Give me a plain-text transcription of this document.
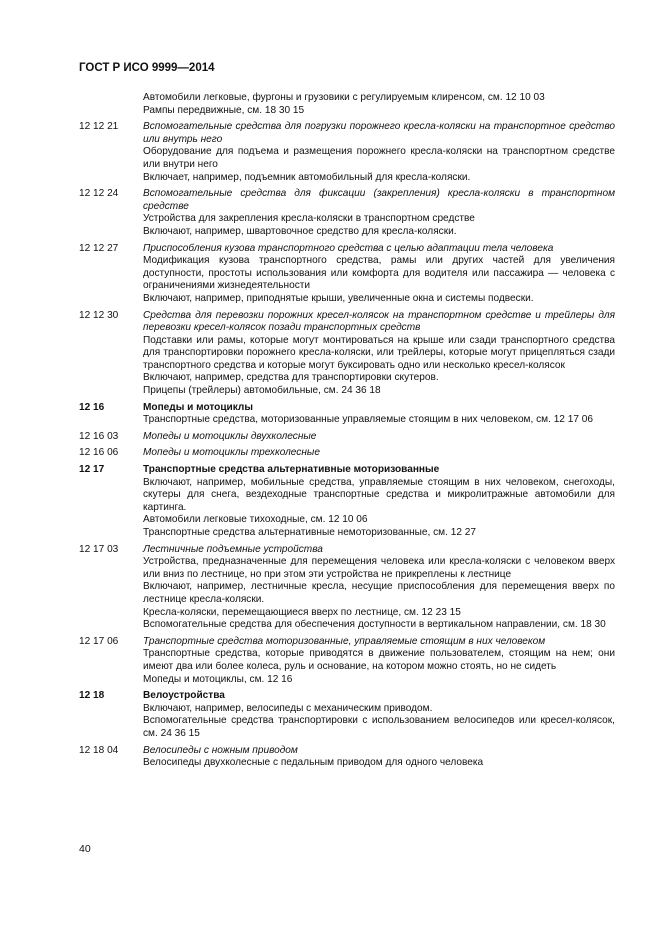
ГОСТ Р ИСО 9999—2014

Автомобили легковые, фургоны и грузовики с регулируемым клиренсом, см. 12 10 03

Рампы передвижные, см. 18 30 15

12 12 21	Вспомогательные средства для погрузки порожнего кресла-коляски на транспортное средство или внутрь него

Оборудование для подъема и размещения порожнего кресла-коляски на транспортном средстве или внутри него

Включает, например, подъемник автомобильный для кресла-коляски.

12 12 24	Вспомогательные средства для фиксации (закрепления) кресла-коляски в транспортном средстве

Устройства для закрепления кресла-коляски в транспортном средстве

Включают, например, швартовочное средство для кресла-коляски.

12 12 27	Приспособления кузова транспортного средства с целью адаптации тела человека

Модификация кузова транспортного средства, рамы или других частей для увеличения доступности, простоты использования или комфорта для водителя или пассажира — человека с ограничениями жизнедеятельности

Включают, например, приподнятые крыши, увеличенные окна и системы подвески.

12 12 30	Средства для перевозки порожних кресел-колясок на транспортном средстве и трейлеры для перевозки кресел-колясок позади транспортных средств

Подставки или рамы, которые могут монтироваться на крыше или сзади транспортного средства для транспортировки порожнего кресла-коляски, или трейлеры, которые могут прицепляться сзади транспортного средства и которые могут буксировать одно или несколько кресел-колясок

Включают, например, средства для транспортировки скутеров.

Прицепы (трейлеры) автомобильные, см. 24 36 18

12 16	Мопеды и мотоциклы

Транспортные средства, моторизованные управляемые стоящим в них человеком, см. 12 17 06

12 16 03	Мопеды и мотоциклы двухколесные

12 16 06	Мопеды и мотоциклы трехколесные

12 17	Транспортные средства альтернативные моторизованные

Включают, например, мобильные средства, управляемые стоящим в них человеком, снегоходы, скутеры для снега, вездеходные транспортные средства и микролитражные автомобили для картинга.

Автомобили легковые тихоходные, см. 12 10 06

Транспортные средства альтернативные немоторизованные, см. 12 27

12 17 03	Лестничные подъемные устройства

Устройства, предназначенные для перемещения человека или кресла-коляски с человеком вверх или вниз по лестнице, но при этом эти устройства не прикреплены к лестнице

Включают, например, лестничные кресла, несущие приспособления для перемещения вверх по лестнице кресла-коляски.

Кресла-коляски, перемещающиеся вверх по лестнице, см. 12 23 15

Вспомогательные средства для обеспечения доступности в вертикальном направлении, см. 18 30

12 17 06	Транспортные средства моторизованные, управляемые стоящим в них человеком

Транспортные средства, которые приводятся в движение пользователем, стоящим на нем; они имеют два или более колеса, руль и основание, на котором можно стоять, но не сидеть

Мопеды и мотоциклы, см. 12 16

12 18	Велоустройства

Включают, например, велосипеды с механическим приводом.

Вспомогательные средства транспортировки с использованием велосипедов или кресел-колясок, см. 24 36 15

12 18 04	Велосипеды с ножным приводом

Велосипеды двухколесные с педальным приводом для одного человека

40
